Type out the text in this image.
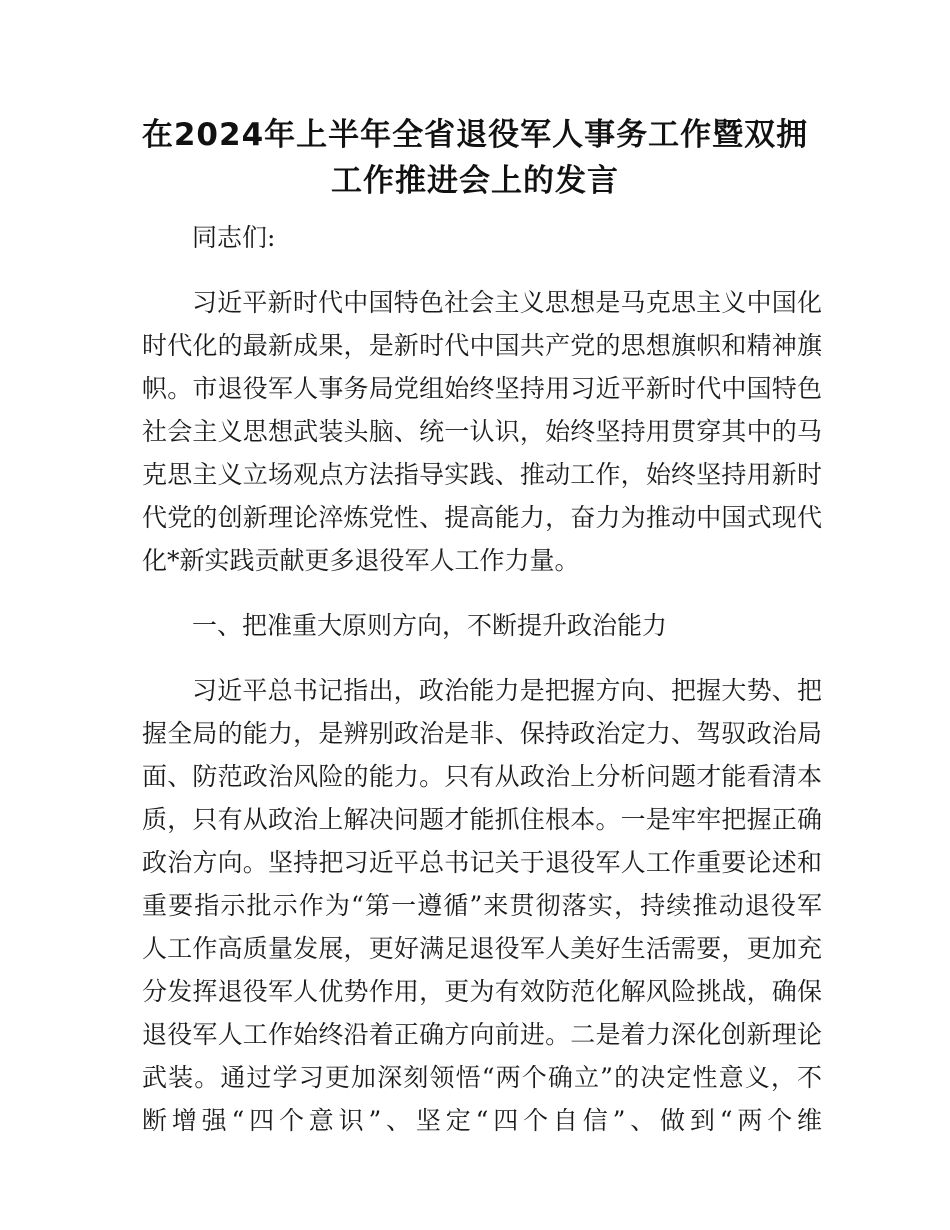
在2024年上半年全省退役军人事务工作暨双拥
工作推进会上的发言
同志们:
习近平新时代中国特色社会主义思想是马克思主义中国化
时代化的最新成果，是新时代中国共产党的思想旗帜和精神旗
帜。市退役军人事务局党组始终坚持用习近平新时代中国特色
社会主义思想武装头脑、统一认识，始终坚持用贯穿其中的马
克思主义立场观点方法指导实践、推动工作，始终坚持用新时
代党的创新理论淬炼党性、提高能力，奋力为推动中国式现代
化*新实践贡献更多退役军人工作力量。
一、把准重大原则方向，不断提升政治能力
习近平总书记指出，政治能力是把握方向、把握大势、把
握全局的能力，是辨别政治是非、保持政治定力、驾驭政治局
面、防范政治风险的能力。只有从政治上分析问题才能看清本
质，只有从政治上解决问题才能抓住根本。一是牢牢把握正确
政治方向。坚持把习近平总书记关于退役军人工作重要论述和
重要指示批示作为“第一遵循”来贯彻落实，持续推动退役军
人工作高质量发展，更好满足退役军人美好生活需要，更加充
分发挥退役军人优势作用，更为有效防范化解风险挑战，确保
退役军人工作始终沿着正确方向前进。二是着力深化创新理论
武装。通过学习更加深刻领悟“两个确立”的决定性意义，不
断增强“四个意识”、坚定“四个自信”、做到“两个维
